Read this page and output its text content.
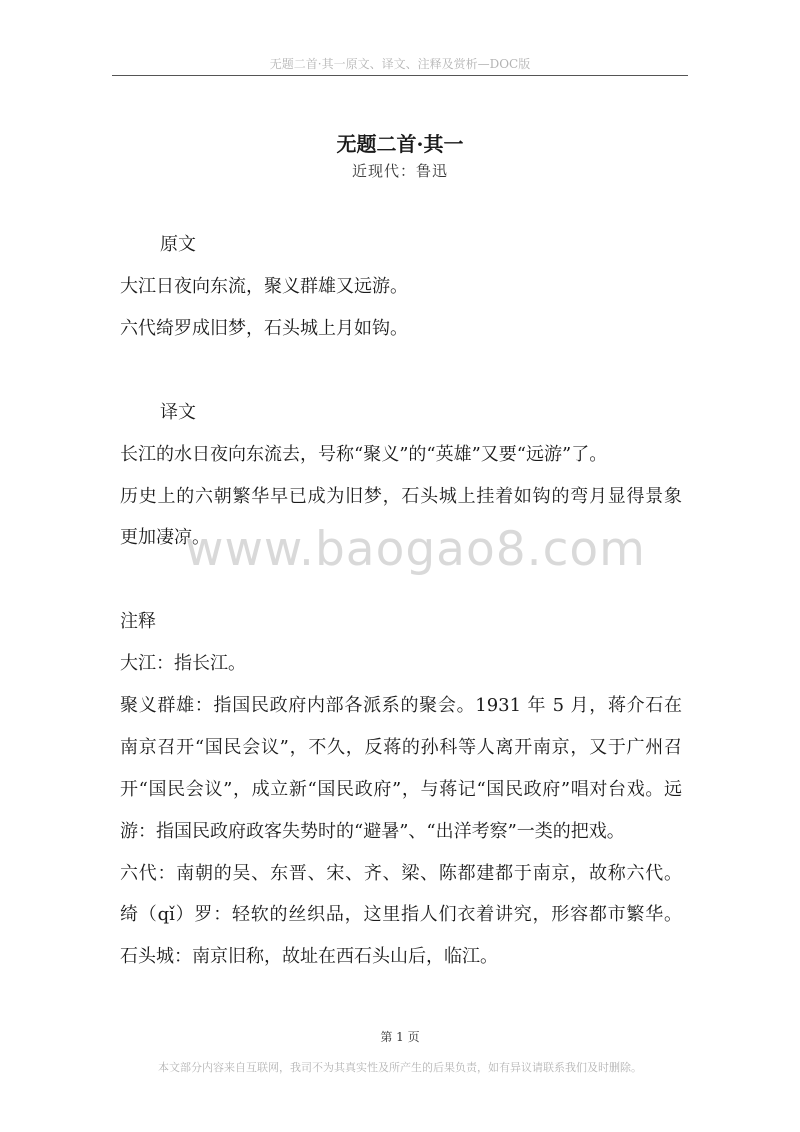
无题二首·其一原文、译文、注释及赏析—DOC版
无题二首·其一
近现代：鲁迅
原文
大江日夜向东流，聚义群雄又远游。
六代绮罗成旧梦，石头城上月如钩。
译文
长江的水日夜向东流去，号称“聚义”的“英雄”又要“远游”了。
历史上的六朝繁华早已成为旧梦，石头城上挂着如钩的弯月显得景象
更加凄凉。
www.baogao8.com
注释
大江：指长江。
聚义群雄：指国民政府内部各派系的聚会。1931 年 5 月，蒋介石在
南京召开“国民会议”，不久，反蒋的孙科等人离开南京，又于广州召
开“国民会议”，成立新“国民政府”，与蒋记“国民政府”唱对台戏。远
游：指国民政府政客失势时的“避暑”、“出洋考察”一类的把戏。
六代：南朝的吴、东晋、宋、齐、梁、陈都建都于南京，故称六代。
绮（qǐ）罗：轻软的丝织品，这里指人们衣着讲究，形容都市繁华。
石头城：南京旧称，故址在西石头山后，临江。
第 1 页
本文部分内容来自互联网，我司不为其真实性及所产生的后果负责，如有异议请联系我们及时删除。
